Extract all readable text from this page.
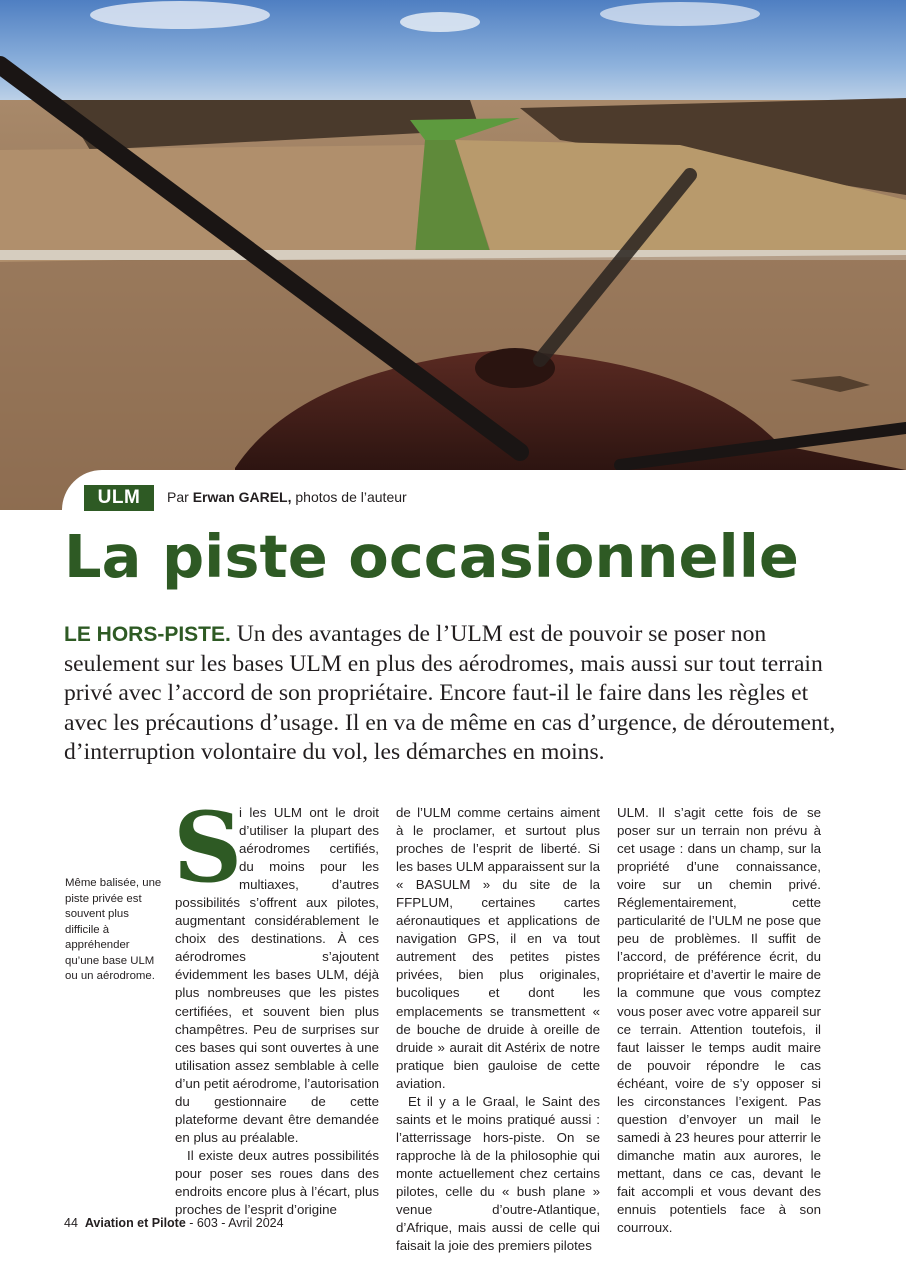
ULM	Par Erwan GAREL, photos de l’auteur
La piste occasionnelle
LE HORS-PISTE. Un des avantages de l’ULM est de pouvoir se poser non seulement sur les bases ULM en plus des aérodromes, mais aussi sur tout terrain privé avec l’accord de son propriétaire. Encore faut-il le faire dans les règles et avec les précautions d’usage. Il en va de même en cas d’urgence, de déroutement, d’interruption volontaire du vol, les démarches en moins.
Même balisée, une piste privée est souvent plus difficile à appréhender qu’une base ULM ou un aérodrome.

S
i les ULM ont le droit d’utiliser la plupart des aérodromes certifiés, du moins pour les multiaxes, d’autres possibilités s’offrent aux pilotes, augmentant considérablement le choix des destinations. À ces aérodromes s’ajoutent évidemment les bases ULM, déjà plus nombreuses que les pistes certifiées, et souvent bien plus champêtres. Peu de surprises sur ces bases qui sont ouvertes à une utilisation assez semblable à celle d’un petit aérodrome, l’autorisation du gestionnaire de cette plateforme devant être demandée en plus au préalable.

Il existe deux autres possibilités pour poser ses roues dans des endroits encore plus à l’écart, plus proches de l’esprit d’origine

de l’ULM comme certains aiment à le proclamer, et surtout plus proches de l’esprit de liberté. Si les bases ULM apparaissent sur la « BASULM » du site de la FFPLUM, certaines cartes aéronautiques et applications de navigation GPS, il en va tout autrement des petites pistes privées, bien plus originales, bucoliques et dont les emplacements se transmettent « de bouche de druide à oreille de druide » aurait dit Astérix de notre pratique bien gauloise de cette aviation.

Et il y a le Graal, le Saint des saints et le moins pratiqué aussi : l’atterrissage hors-piste. On se rapproche là de la philosophie qui monte actuellement chez certains pilotes, celle du « bush plane » venue d’outre-Atlantique, d’Afrique, mais aussi de celle qui faisait la joie des premiers pilotes

ULM. Il s’agit cette fois de se poser sur un terrain non prévu à cet usage : dans un champ, sur la propriété d’une connaissance, voire sur un chemin privé. Réglementairement, cette particularité de l’ULM ne pose que peu de problèmes. Il suffit de l’accord, de préférence écrit, du propriétaire et d’avertir le maire de la commune que vous comptez vous poser avec votre appareil sur ce terrain. Attention toutefois, il faut laisser le temps audit maire de pouvoir répondre le cas échéant, voire de s’y opposer si les circonstances l’exigent. Pas question d’envoyer un mail le samedi à 23 heures pour atterrir le dimanche matin aux aurores, le mettant, dans ce cas, devant le fait accompli et vous devant des ennuis potentiels face à son courroux.

44 Aviation et Pilote - 603 - Avril 2024
